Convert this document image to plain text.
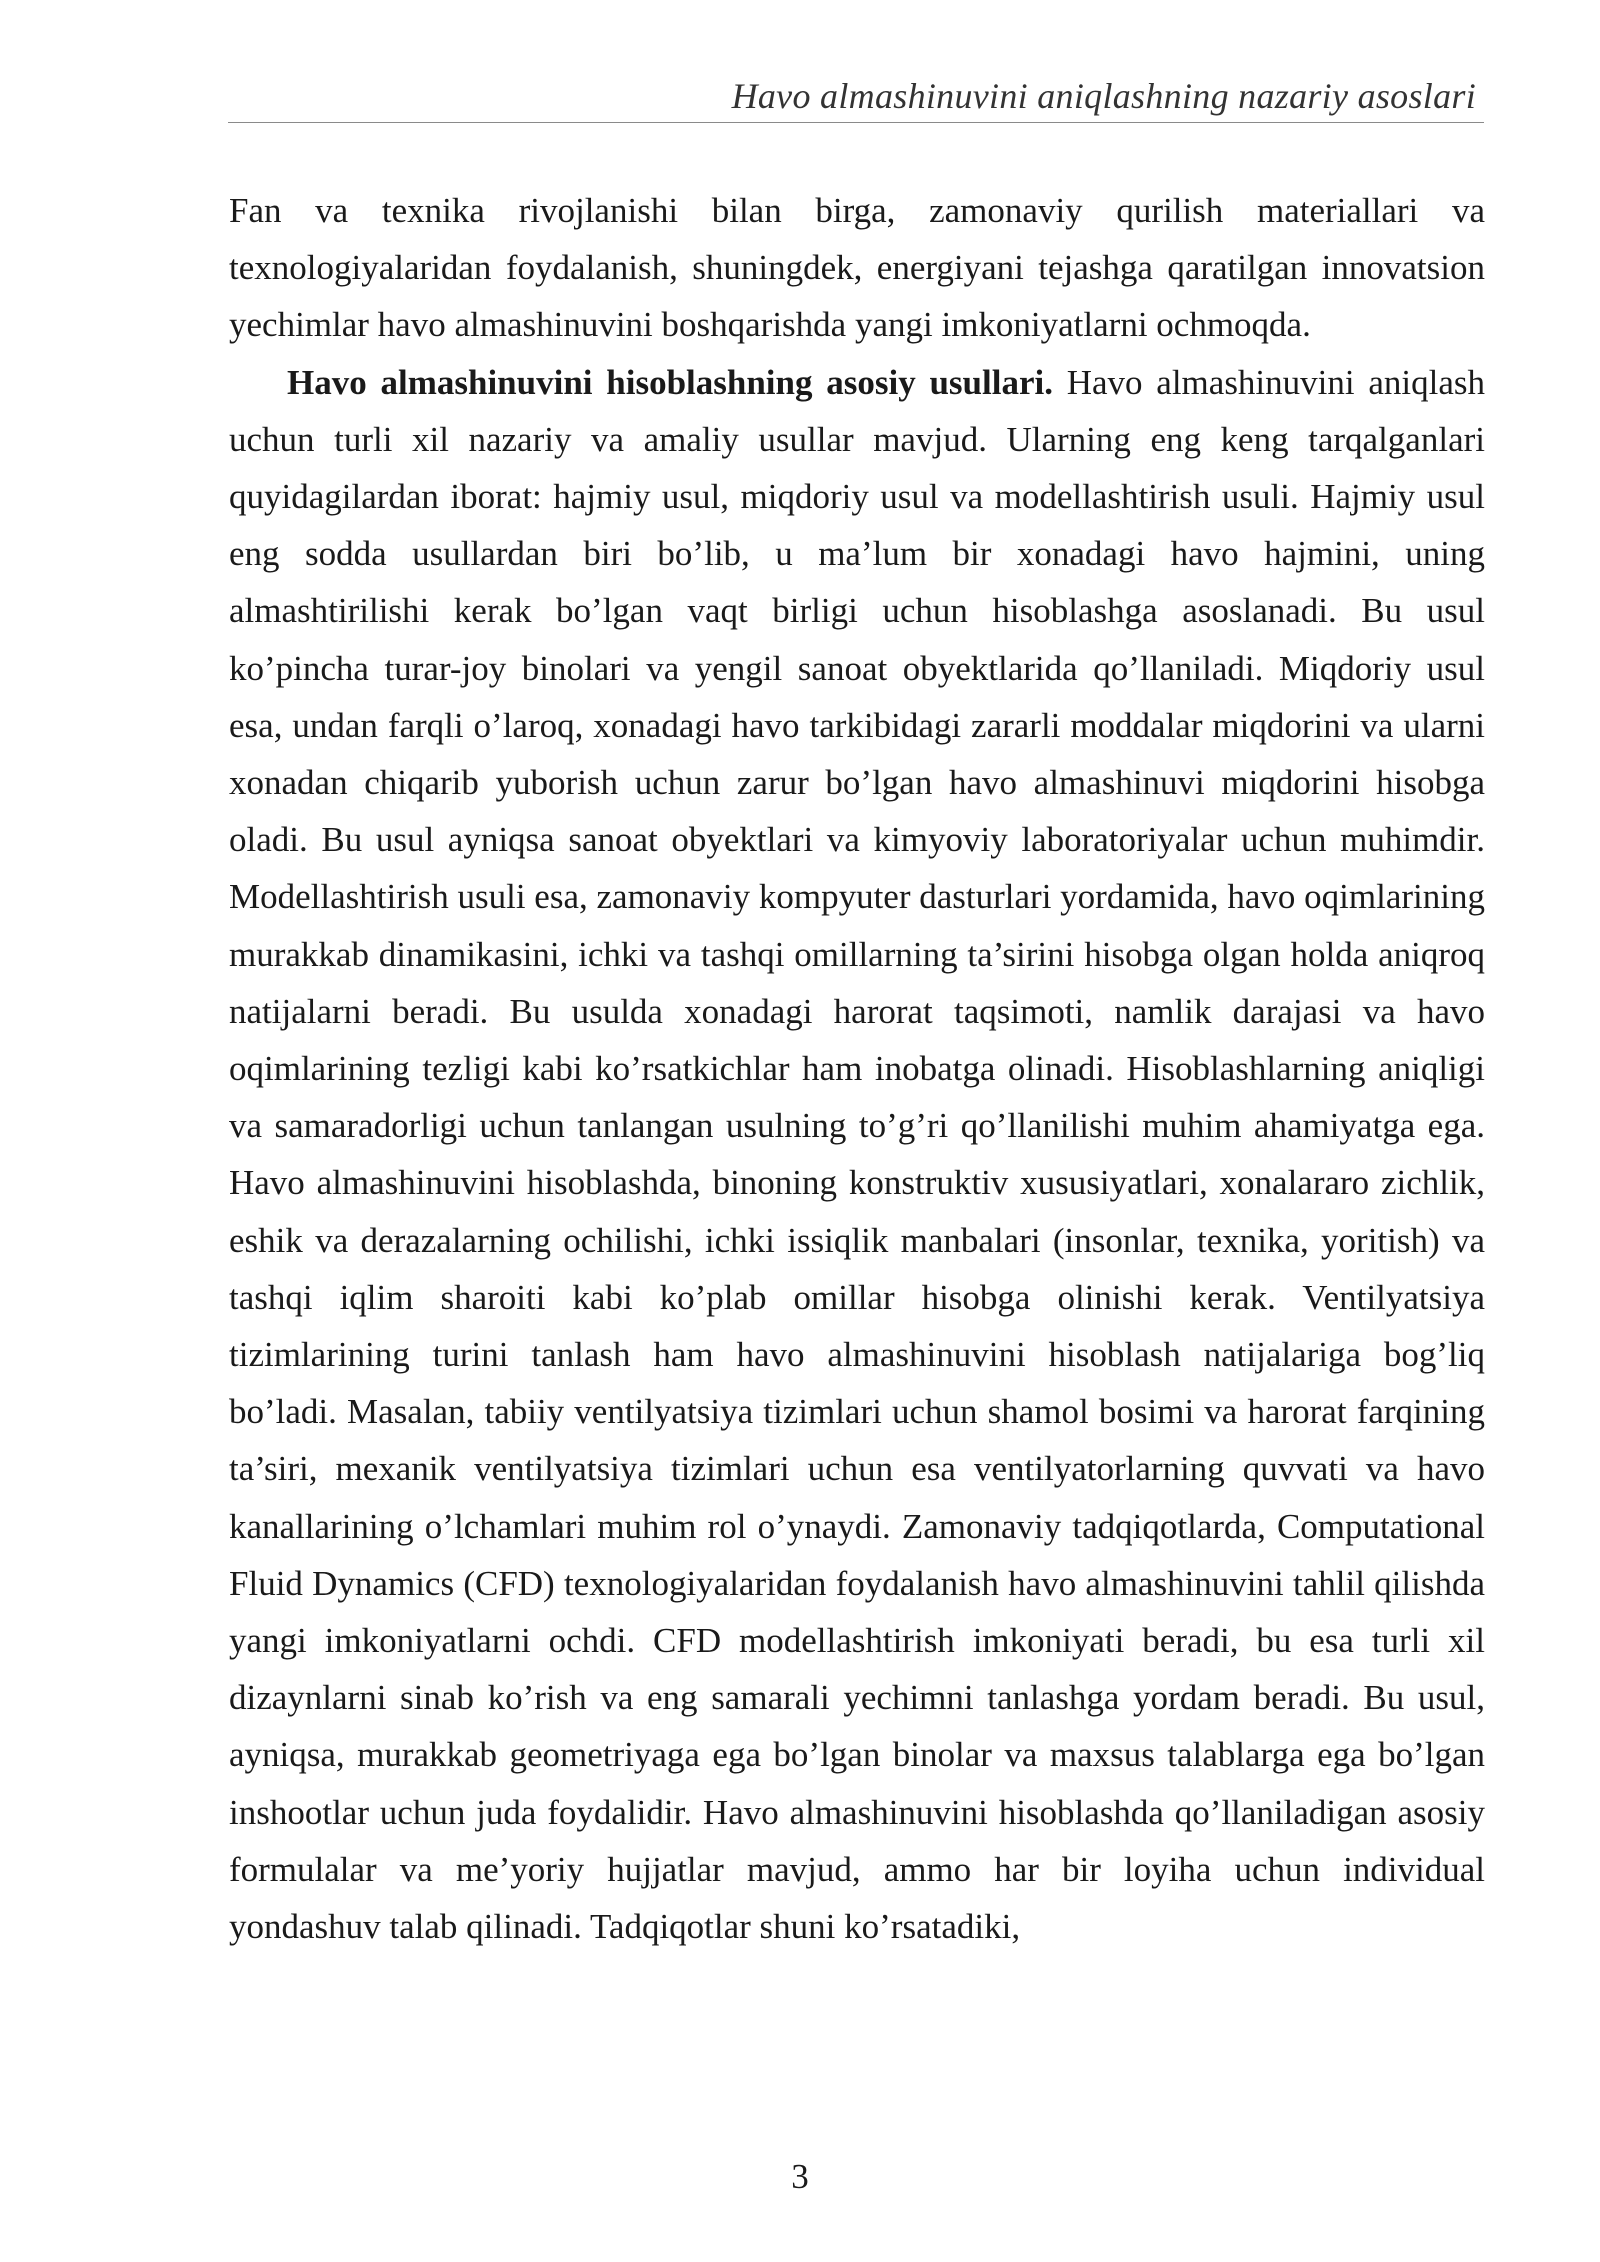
Havo almashinuvini aniqlashning nazariy asoslari

Fan va texnika rivojlanishi bilan birga, zamonaviy qurilish materiallari va texnologiyalaridan foydalanish, shuningdek, energiyani tejashga qaratilgan innovatsion yechimlar havo almashinuvini boshqarishda yangi imkoniyatlarni ochmoqda.

Havo almashinuvini hisoblashning asosiy usullari. Havo almashinuvini aniqlash uchun turli xil nazariy va amaliy usullar mavjud. Ularning eng keng tarqalganlari quyidagilardan iborat: hajmiy usul, miqdoriy usul va modellashtirish usuli. Hajmiy usul eng sodda usullardan biri bo’lib, u ma’lum bir xonadagi havo hajmini, uning almashtirilishi kerak bo’lgan vaqt birligi uchun hisoblashga asoslanadi. Bu usul ko’pincha turar-joy binolari va yengil sanoat obyektlarida qo’llaniladi. Miqdoriy usul esa, undan farqli o’laroq, xonadagi havo tarkibidagi zararli moddalar miqdorini va ularni xonadan chiqarib yuborish uchun zarur bo’lgan havo almashinuvi miqdorini hisobga oladi. Bu usul ayniqsa sanoat obyektlari va kimyoviy laboratoriyalar uchun muhimdir. Modellashtirish usuli esa, zamonaviy kompyuter dasturlari yordamida, havo oqimlarining murakkab dinamikasini, ichki va tashqi omillarning ta’sirini hisobga olgan holda aniqroq natijalarni beradi. Bu usulda xonadagi harorat taqsimoti, namlik darajasi va havo oqimlarining tezligi kabi ko’rsatkichlar ham inobatga olinadi. Hisoblashlarning aniqligi va samaradorligi uchun tanlangan usulning to’g’ri qo’llanilishi muhim ahamiyatga ega. Havo almashinuvini hisoblashda, binoning konstruktiv xususiyatlari, xonalararo zichlik, eshik va derazalarning ochilishi, ichki issiqlik manbalari (insonlar, texnika, yoritish) va tashqi iqlim sharoiti kabi ko’plab omillar hisobga olinishi kerak. Ventilyatsiya tizimlarining turini tanlash ham havo almashinuvini hisoblash natijalariga bog’liq bo’ladi. Masalan, tabiiy ventilyatsiya tizimlari uchun shamol bosimi va harorat farqining ta’siri, mexanik ventilyatsiya tizimlari uchun esa ventilyatorlarning quvvati va havo kanallarining o’lchamlari muhim rol o’ynaydi. Zamonaviy tadqiqotlarda, Computational Fluid Dynamics (CFD) texnologiyalaridan foydalanish havo almashinuvini tahlil qilishda yangi imkoniyatlarni ochdi. CFD modellashtirish imkoniyati beradi, bu esa turli xil dizaynlarni sinab ko’rish va eng samarali yechimni tanlashga yordam beradi. Bu usul, ayniqsa, murakkab geometriyaga ega bo’lgan binolar va maxsus talablarga ega bo’lgan inshootlar uchun juda foydalidir. Havo almashinuvini hisoblashda qo’llaniladigan asosiy formulalar va me’yoriy hujjatlar mavjud, ammo har bir loyiha uchun individual yondashuv talab qilinadi. Tadqiqotlar shuni ko’rsatadiki,

3
